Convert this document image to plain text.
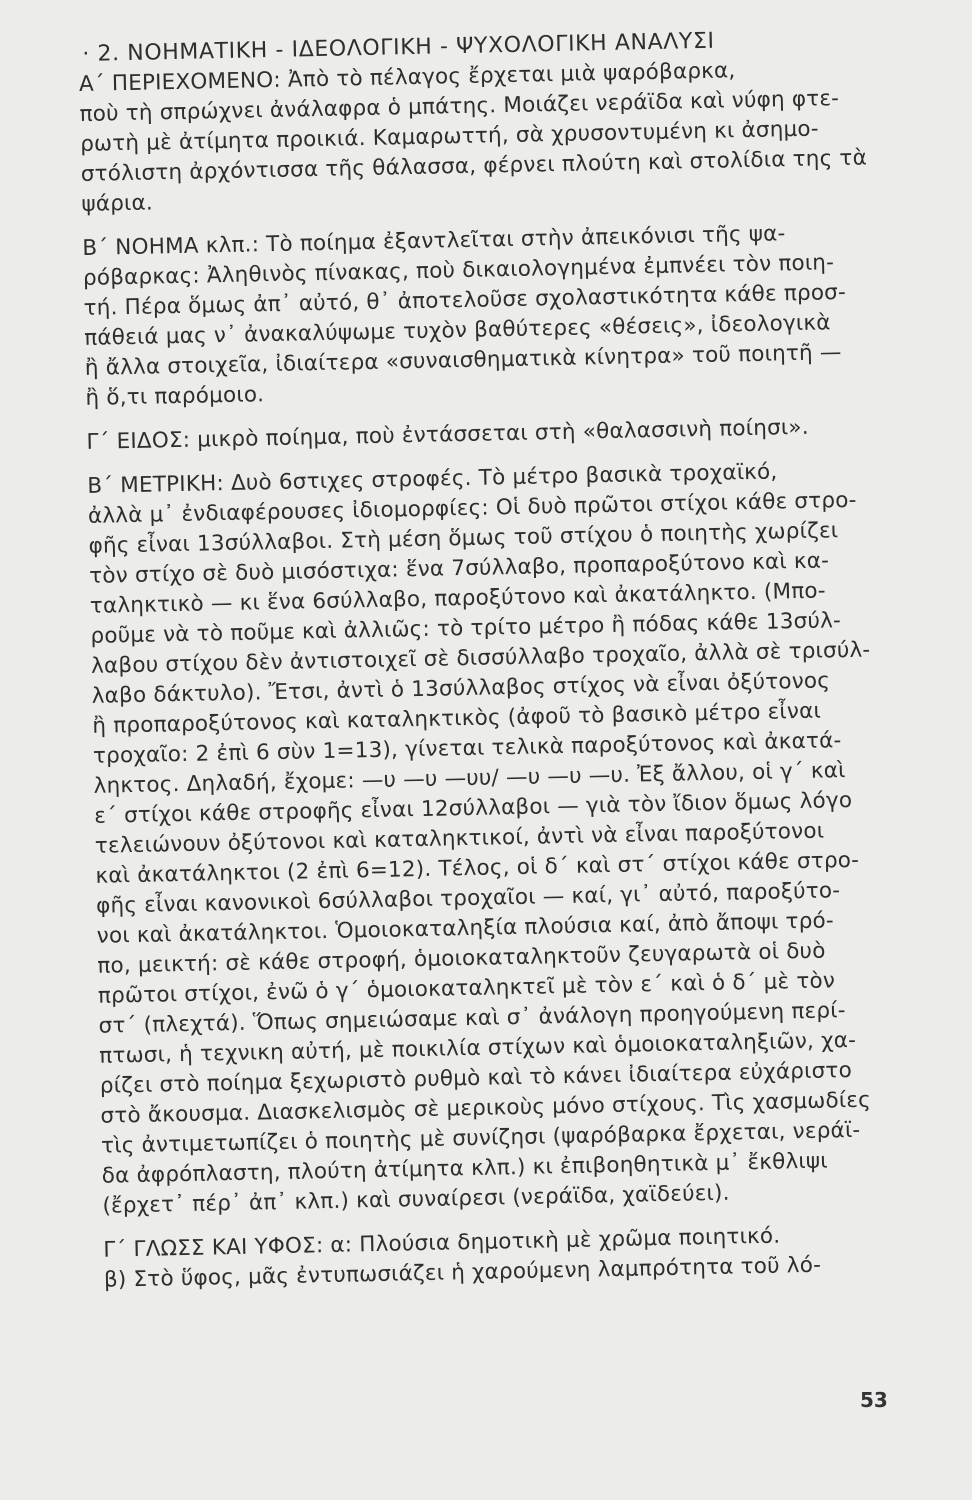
· 2. ΝΟΗΜΑΤΙΚΗ - ΙΔΕΟΛΟΓΙΚΗ - ΨΥΧΟΛΟΓΙΚΗ ΑΝΑΛΥΣΙ
Α΄ ΠΕΡΙΕΧΟΜΕΝΟ: Ἀπὸ τὸ πέλαγος ἔρχεται μιὰ ψαρόβαρκα,
ποὺ τὴ σπρώχνει ἀνάλαφρα ὁ μπάτης. Μοιάζει νεράϊδα καὶ νύφη φτε-
ρωτὴ μὲ ἀτίμητα προικιά. Καμαρωττή, σὰ χρυσοντυμένη κι ἀσημο-
στόλιστη ἀρχόντισσα τῆς θάλασσα, φέρνει πλούτη καὶ στολίδια της τὰ
ψάρια.
Β΄ ΝΟΗΜΑ κλπ.: Τὸ ποίημα ἐξαντλεῖται στὴν ἀπεικόνισι τῆς ψα-
ρόβαρκας: Ἀληθινὸς πίνακας, ποὺ δικαιολογημένα ἐμπνέει τὸν ποιη-
τή. Πέρα ὅμως ἀπ᾽ αὐτό, θ᾽ ἀποτελοῦσε σχολαστικότητα κάθε προσ-
πάθειά μας ν᾽ ἀνακαλύψωμε τυχὸν βαθύτερες «θέσεις», ἰδεολογικὰ
ἢ ἄλλα στοιχεῖα, ἰδιαίτερα «συναισθηματικὰ κίνητρα» τοῦ ποιητῆ —
ἢ ὅ,τι παρόμοιο.
Γ΄ ΕΙΔΟΣ: μικρὸ ποίημα, ποὺ ἐντάσσεται στὴ «θαλασσινὴ ποίησι».
Β΄ ΜΕΤΡΙΚΗ: Δυὸ 6στιχες στροφές. Τὸ μέτρο βασικὰ τροχαϊκό,
ἀλλὰ μ᾽ ἐνδιαφέρουσες ἰδιομορφίες: Οἱ δυὸ πρῶτοι στίχοι κάθε στρο-
φῆς εἶναι 13σύλλαβοι. Στὴ μέση ὅμως τοῦ στίχου ὁ ποιητὴς χωρίζει
τὸν στίχο σὲ δυὸ μισόστιχα: ἕνα 7σύλλαβο, προπαροξύτονο καὶ κα-
ταληκτικὸ — κι ἕνα 6σύλλαβο, παροξύτονο καὶ ἀκατάληκτο. (Μπο-
ροῦμε νὰ τὸ ποῦμε καὶ ἀλλιῶς: τὸ τρίτο μέτρο ἢ πόδας κάθε 13σύλ-
λαβου στίχου δὲν ἀντιστοιχεῖ σὲ δισσύλλαβο τροχαῖο, ἀλλὰ σὲ τρισύλ-
λαβο δάκτυλο). Ἔτσι, ἀντὶ ὁ 13σύλλαβος στίχος νὰ εἶναι ὀξύτονος
ἢ προπαροξύτονος καὶ καταληκτικὸς (ἀφοῦ τὸ βασικὸ μέτρο εἶναι
τροχαῖο: 2 ἐπὶ 6 σὺν 1=13), γίνεται τελικὰ παροξύτονος καὶ ἀκατά-
ληκτος. Δηλαδή, ἔχομε: —υ —υ —υυ/ —υ —υ —υ. Ἐξ ἄλλου, οἱ γ΄ καὶ
ε΄ στίχοι κάθε στροφῆς εἶναι 12σύλλαβοι — γιὰ τὸν ἴδιον ὅμως λόγο
τελειώνουν ὀξύτονοι καὶ καταληκτικοί, ἀντὶ νὰ εἶναι παροξύτονοι
καὶ ἀκατάληκτοι (2 ἐπὶ 6=12). Τέλος, οἱ δ΄ καὶ στ΄ στίχοι κάθε στρο-
φῆς εἶναι κανονικοὶ 6σύλλαβοι τροχαῖοι — καί, γι᾽ αὐτό, παροξύτο-
νοι καὶ ἀκατάληκτοι. Ὁμοιοκαταληξία πλούσια καί, ἀπὸ ἄποψι τρό-
πο, μεικτή: σὲ κάθε στροφή, ὁμοιοκαταληκτοῦν ζευγαρωτὰ οἱ δυὸ
πρῶτοι στίχοι, ἐνῶ ὁ γ΄ ὁμοιοκαταληκτεῖ μὲ τὸν ε΄ καὶ ὁ δ΄ μὲ τὸν
στ΄ (πλεχτά). Ὅπως σημειώσαμε καὶ σ᾽ ἀνάλογη προηγούμενη περί-
πτωσι, ἡ τεχνικη αὐτή, μὲ ποικιλία στίχων καὶ ὁμοιοκαταληξιῶν, χα-
ρίζει στὸ ποίημα ξεχωριστὸ ρυθμὸ καὶ τὸ κάνει ἰδιαίτερα εὐχάριστο
στὸ ἄκουσμα. Διασκελισμὸς σὲ μερικοὺς μόνο στίχους. Τὶς χασμωδίες
τὶς ἀντιμετωπίζει ὁ ποιητὴς μὲ συνίζησι (ψαρόβαρκα ἔρχεται, νεράϊ-
δα ἀφρόπλαστη, πλούτη ἀτίμητα κλπ.) κι ἐπιβοηθητικὰ μ᾽ ἔκθλιψι
(ἔρχετ᾽ πέρ᾽ ἀπ᾽ κλπ.) καὶ συναίρεσι (νεράϊδα, χαϊδεύει).
Γ΄ ΓΛΩΣΣ ΚΑΙ ΥΦΟΣ: α: Πλούσια δημοτικὴ μὲ χρῶμα ποιητικό.
β) Στὸ ὕφος, μᾶς ἐντυπωσιάζει ἡ χαρούμενη λαμπρότητα τοῦ λό-
53
